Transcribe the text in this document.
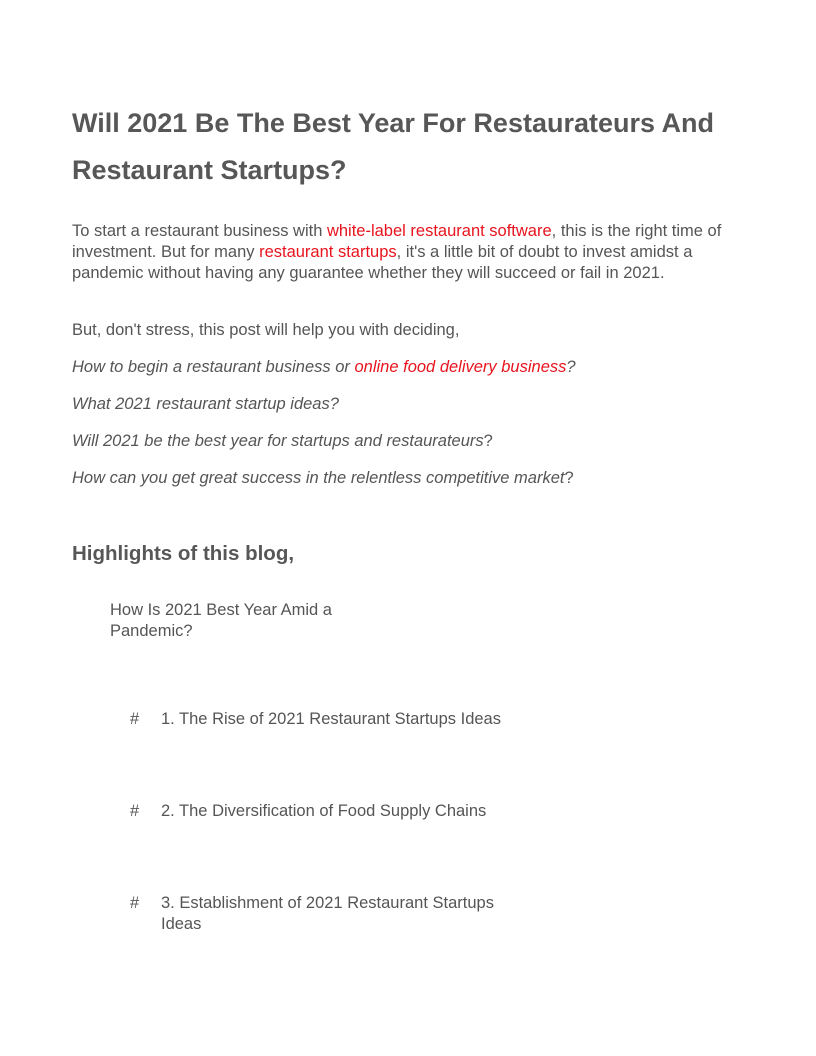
Will 2021 Be The Best Year For Restaurateurs And Restaurant Startups?

To start a restaurant business with white-label restaurant software, this is the right time of investment. But for many restaurant startups, it's a little bit of doubt to invest amidst a pandemic without having any guarantee whether they will succeed or fail in 2021.

But, don't stress, this post will help you with deciding,

How to begin a restaurant business or online food delivery business?

What 2021 restaurant startup ideas?

Will 2021 be the best year for startups and restaurateurs?

How can you get great success in the relentless competitive market?

Highlights of this blog,

How Is 2021 Best Year Amid a Pandemic?

# 1. The Rise of 2021 Restaurant Startups Ideas
# 2. The Diversification of Food Supply Chains
# 3. Establishment of 2021 Restaurant Startups Ideas
